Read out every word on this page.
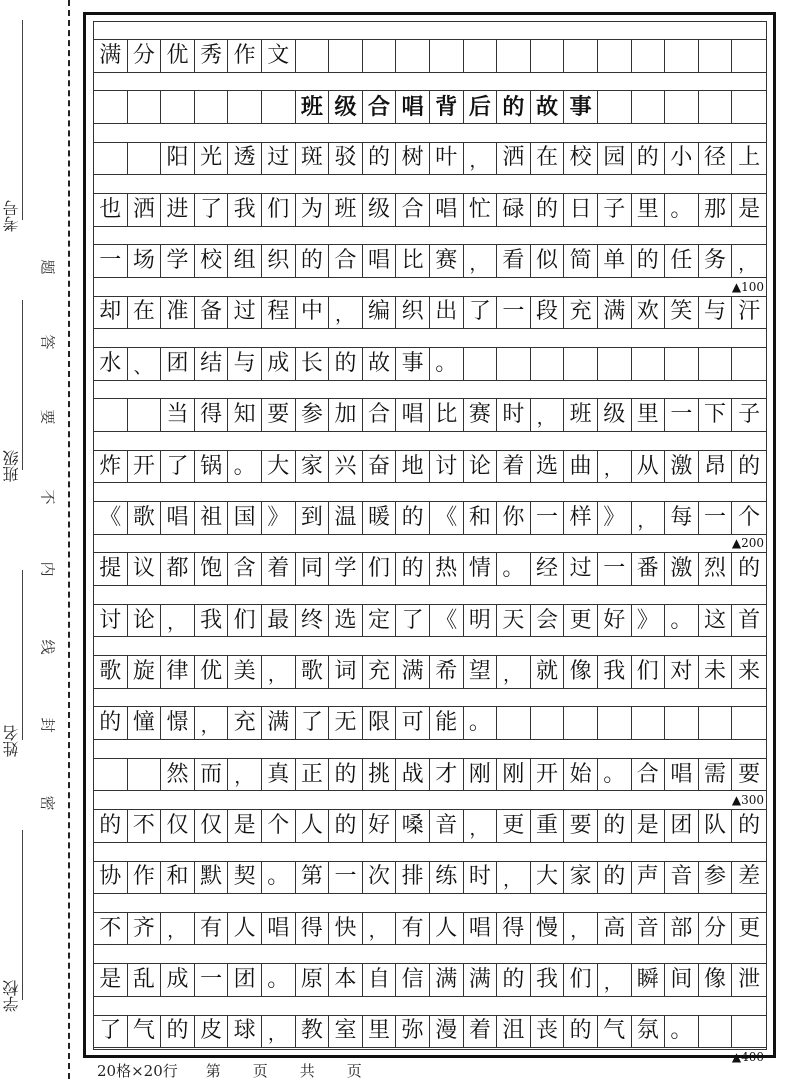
考号
班级
姓名
学校
题
答
要
不
内
线
封
密
满 分 优 秀 作 文
班 级 合 唱 背 后 的 故 事
阳 光 透 过 斑 驳 的 树 叶 ， 洒 在 校 园 的 小 径 上
也 洒 进 了 我 们 为 班 级 合 唱 忙 碌 的 日 子 里 。 那 是
一 场 学 校 组 织 的 合 唱 比 赛 ， 看 似 简 单 的 任 务 ，
却 在 准 备 过 程 中 ， 编 织 出 了 一 段 充 满 欢 笑 与 汗
▲100
水 、 团 结 与 成 长 的 故 事 。
当 得 知 要 参 加 合 唱 比 赛 时 ， 班 级 里 一 下 子
炸 开 了 锅 。 大 家 兴 奋 地 讨 论 着 选 曲 ， 从 激 昂 的
《 歌 唱 祖 国 》 到 温 暖 的 《 和 你 一 样 》 ， 每 一 个
提 议 都 饱 含 着 同 学 们 的 热 情 。 经 过 一 番 激 烈 的
▲200
讨 论 ， 我 们 最 终 选 定 了 《 明 天 会 更 好 》 。 这 首
歌 旋 律 优 美 ， 歌 词 充 满 希 望 ， 就 像 我 们 对 未 来
的 憧 憬 ， 充 满 了 无 限 可 能 。
然 而 ， 真 正 的 挑 战 才 刚 刚 开 始 。 合 唱 需 要
的 不 仅 仅 是 个 人 的 好 嗓 音 ， 更 重 要 的 是 团 队 的
▲300
协 作 和 默 契 。 第 一 次 排 练 时 ， 大 家 的 声 音 参 差
不 齐 ， 有 人 唱 得 快 ， 有 人 唱 得 慢 ， 高 音 部 分 更
是 乱 成 一 团 。 原 本 自 信 满 满 的 我 们 ， 瞬 间 像 泄
了 气 的 皮 球 ， 教 室 里 弥 漫 着 沮 丧 的 气 氛 。
▲400
20格×20行 第 页 共 页
